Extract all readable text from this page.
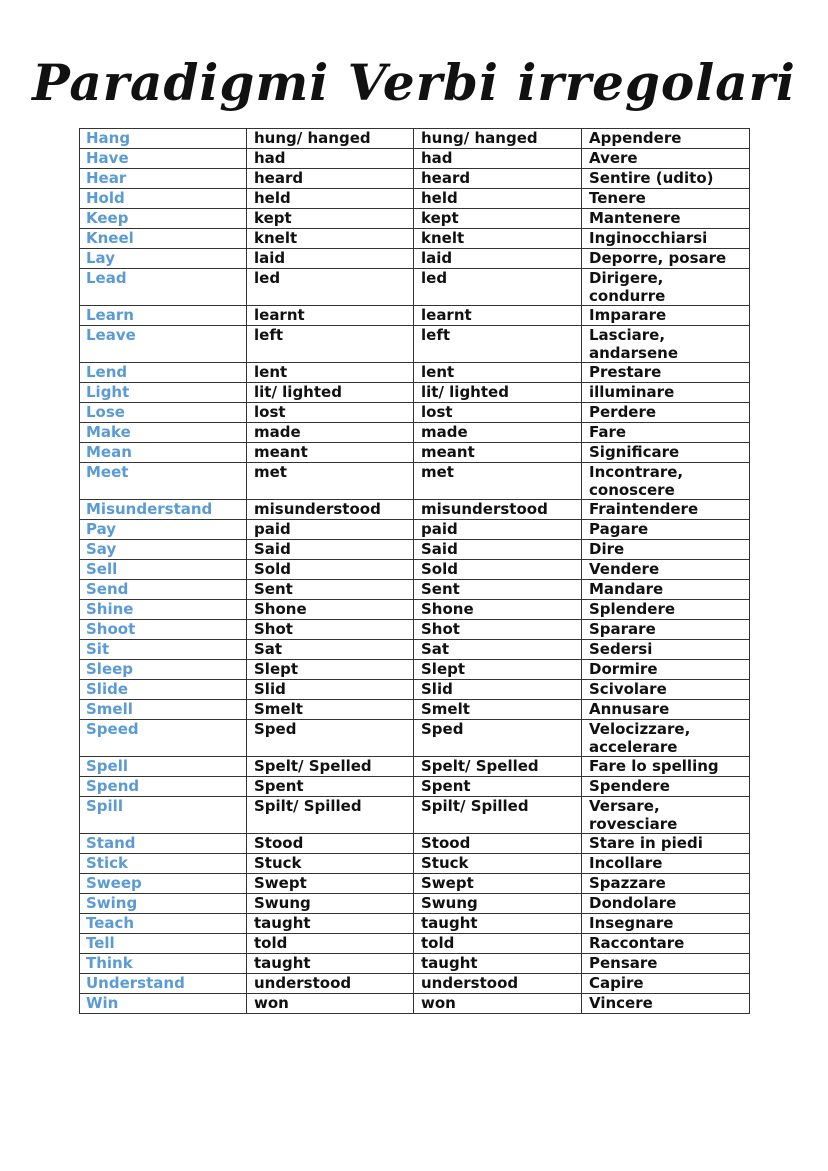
Paradigmi Verbi irregolari
Hang	hung/ hanged	hung/ hanged	Appendere
Have	had	had	Avere
Hear	heard	heard	Sentire (udito)
Hold	held	held	Tenere
Keep	kept	kept	Mantenere
Kneel	knelt	knelt	Inginocchiarsi
Lay	laid	laid	Deporre, posare
Lead	led	led	Dirigere, condurre
Learn	learnt	learnt	Imparare
Leave	left	left	Lasciare, andarsene
Lend	lent	lent	Prestare
Light	lit/ lighted	lit/ lighted	illuminare
Lose	lost	lost	Perdere
Make	made	made	Fare
Mean	meant	meant	Significare
Meet	met	met	Incontrare, conoscere
Misunderstand	misunderstood	misunderstood	Fraintendere
Pay	paid	paid	Pagare
Say	Said	Said	Dire
Sell	Sold	Sold	Vendere
Send	Sent	Sent	Mandare
Shine	Shone	Shone	Splendere
Shoot	Shot	Shot	Sparare
Sit	Sat	Sat	Sedersi
Sleep	Slept	Slept	Dormire
Slide	Slid	Slid	Scivolare
Smell	Smelt	Smelt	Annusare
Speed	Sped	Sped	Velocizzare, accelerare
Spell	Spelt/ Spelled	Spelt/ Spelled	Fare lo spelling
Spend	Spent	Spent	Spendere
Spill	Spilt/ Spilled	Spilt/ Spilled	Versare, rovesciare
Stand	Stood	Stood	Stare in piedi
Stick	Stuck	Stuck	Incollare
Sweep	Swept	Swept	Spazzare
Swing	Swung	Swung	Dondolare
Teach	taught	taught	Insegnare
Tell	told	told	Raccontare
Think	taught	taught	Pensare
Understand	understood	understood	Capire
Win	won	won	Vincere
